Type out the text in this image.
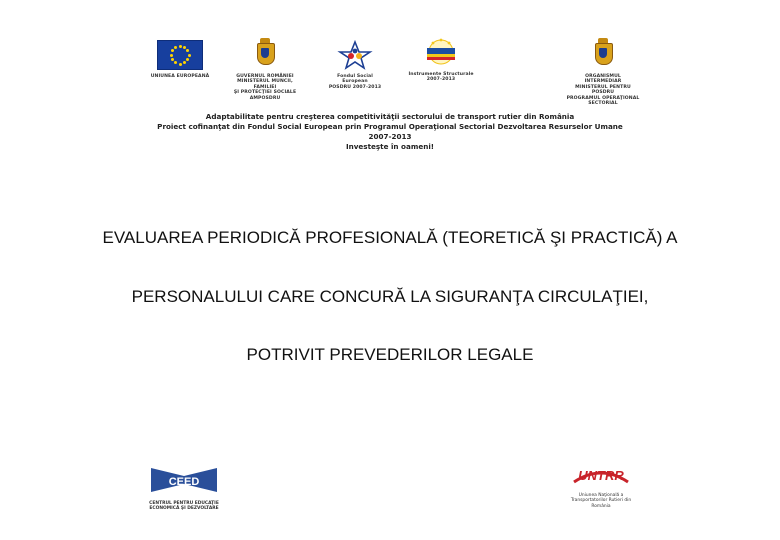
UNIUNEA EUROPEANĂ	GUVERNUL ROMÂNIEI
MINISTERUL MUNCII, FAMILIEI
ŞI PROTECŢIEI SOCIALE
AMPOSDRU
Fondul Social European
POSDRU 2007-2013
Instrumente Structurale
2007-2013
ORGANISMUL INTERMEDIAR
MINISTERUL PENTRU POSDRU
PROGRAMUL OPERAŢIONAL SECTORIAL
Adaptabilitate pentru creşterea competitivităţii sectorului de transport rutier din România
Proiect cofinanţat din Fondul Social European prin Programul Operaţional Sectorial Dezvoltarea Resurselor Umane
2007-2013
Investeşte în oameni!
EVALUAREA PERIODICĂ PROFESIONALĂ (TEORETICĂ ŞI PRACTICĂ) A
PERSONALULUI CARE CONCURĂ LA SIGURANŢA CIRCULAŢIEI,
POTRIVIT PREVEDERILOR LEGALE
CEED
CENTRUL PENTRU EDUCAŢIE
ECONOMICĂ ŞI DEZVOLTARE
UNTRR
Uniunea Naţională a
Transportatorilor Rutieri din
România
